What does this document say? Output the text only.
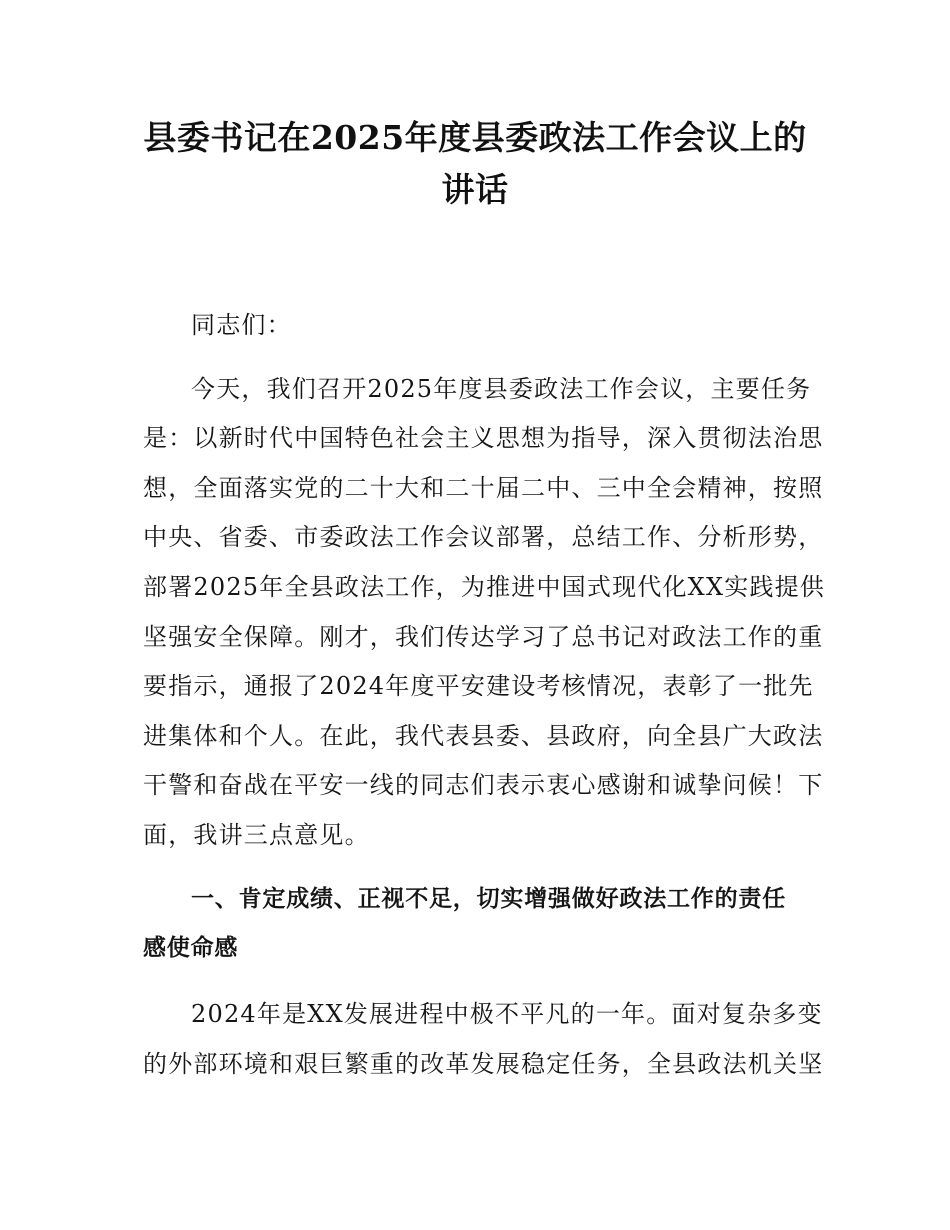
县委书记在2025年度县委政法工作会议上的
讲话

同志们：

今天，我们召开2025年度县委政法工作会议，主要任务

是：以新时代中国特色社会主义思想为指导，深入贯彻法治思

想，全面落实党的二十大和二十届二中、三中全会精神，按照

中央、省委、市委政法工作会议部署，总结工作、分析形势，

部署2025年全县政法工作，为推进中国式现代化XX实践提供

坚强安全保障。刚才，我们传达学习了总书记对政法工作的重

要指示，通报了2024年度平安建设考核情况，表彰了一批先

进集体和个人。在此，我代表县委、县政府，向全县广大政法

干警和奋战在平安一线的同志们表示衷心感谢和诚挚问候！下

面，我讲三点意见。

一、肯定成绩、正视不足，切实增强做好政法工作的责任

感使命感

2024年是XX发展进程中极不平凡的一年。面对复杂多变

的外部环境和艰巨繁重的改革发展稳定任务，全县政法机关坚
